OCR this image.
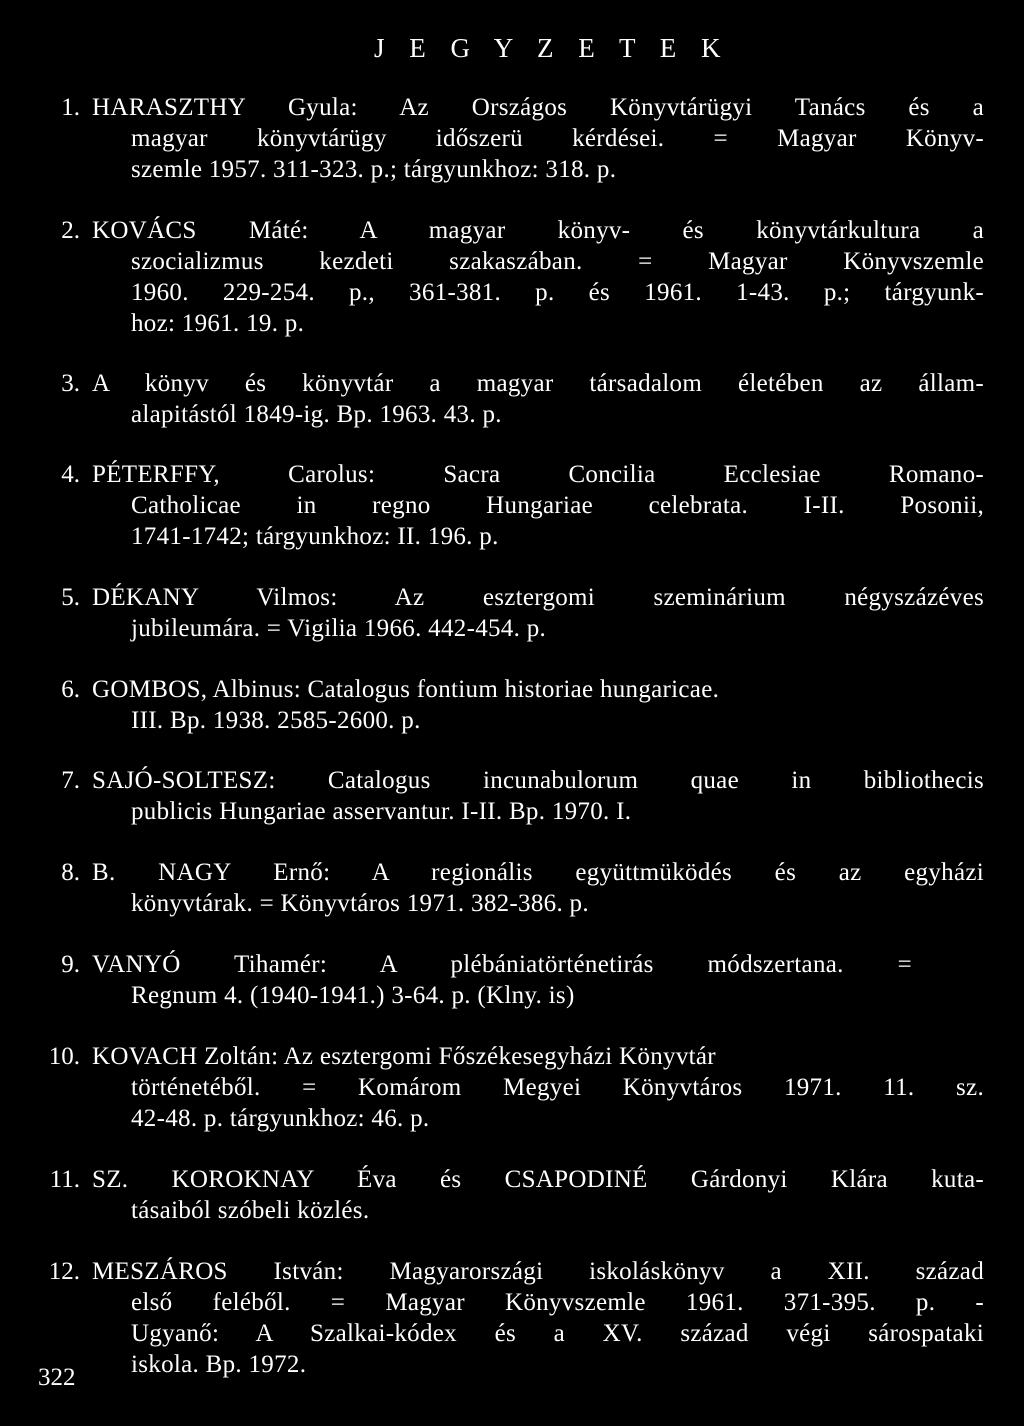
J E G Y Z E T E K
1. HARASZTHY Gyula: Az Országos Könyvtárügyi Tanács és a
magyar könyvtárügy időszerü kérdései. = Magyar Könyv-
szemle 1957. 311-323. p.; tárgyunkhoz: 318. p.
2. KOVÁCS Máté: A magyar könyv- és könyvtárkultura a
szocializmus kezdeti szakaszában. = Magyar Könyvszemle
1960. 229-254. p., 361-381. p. és 1961. 1-43. p.; tárgyunk-
hoz: 1961. 19. p.
3. A könyv és könyvtár a magyar társadalom életében az állam-
alapitástól 1849-ig. Bp. 1963. 43. p.
4. PÉTERFFY, Carolus: Sacra Concilia Ecclesiae Romano-
Catholicae in regno Hungariae celebrata. I-II. Posonii,
1741-1742; tárgyunkhoz: II. 196. p.
5. DÉKANY Vilmos: Az esztergomi szeminárium négyszázéves
jubileumára. = Vigilia 1966. 442-454. p.
6. GOMBOS, Albinus: Catalogus fontium historiae hungaricae.
III. Bp. 1938. 2585-2600. p.
7. SAJÓ-SOLTESZ: Catalogus incunabulorum quae in bibliothecis
publicis Hungariae asservantur. I-II. Bp. 1970. I.
8. B. NAGY Ernő: A regionális együttmüködés és az egyházi
könyvtárak. = Könyvtáros 1971. 382-386. p.
9. VANYÓ Tihamér: A plébániatörténetirás módszertana. =
Regnum 4. (1940-1941.) 3-64. p. (Klny. is)
10. KOVACH Zoltán: Az esztergomi Főszékesegyházi Könyvtár
történetéből. = Komárom Megyei Könyvtáros 1971. 11. sz.
42-48. p. tárgyunkhoz: 46. p.
11. SZ. KOROKNAY Éva és CSAPODINÉ Gárdonyi Klára kuta-
tásaiból szóbeli közlés.
12. MESZÁROS István: Magyarországi iskoláskönyv a XII. század
első feléből. = Magyar Könyvszemle 1961. 371-395. p. -
Ugyanő: A Szalkai-kódex és a XV. század végi sárospataki
iskola. Bp. 1972.
322
